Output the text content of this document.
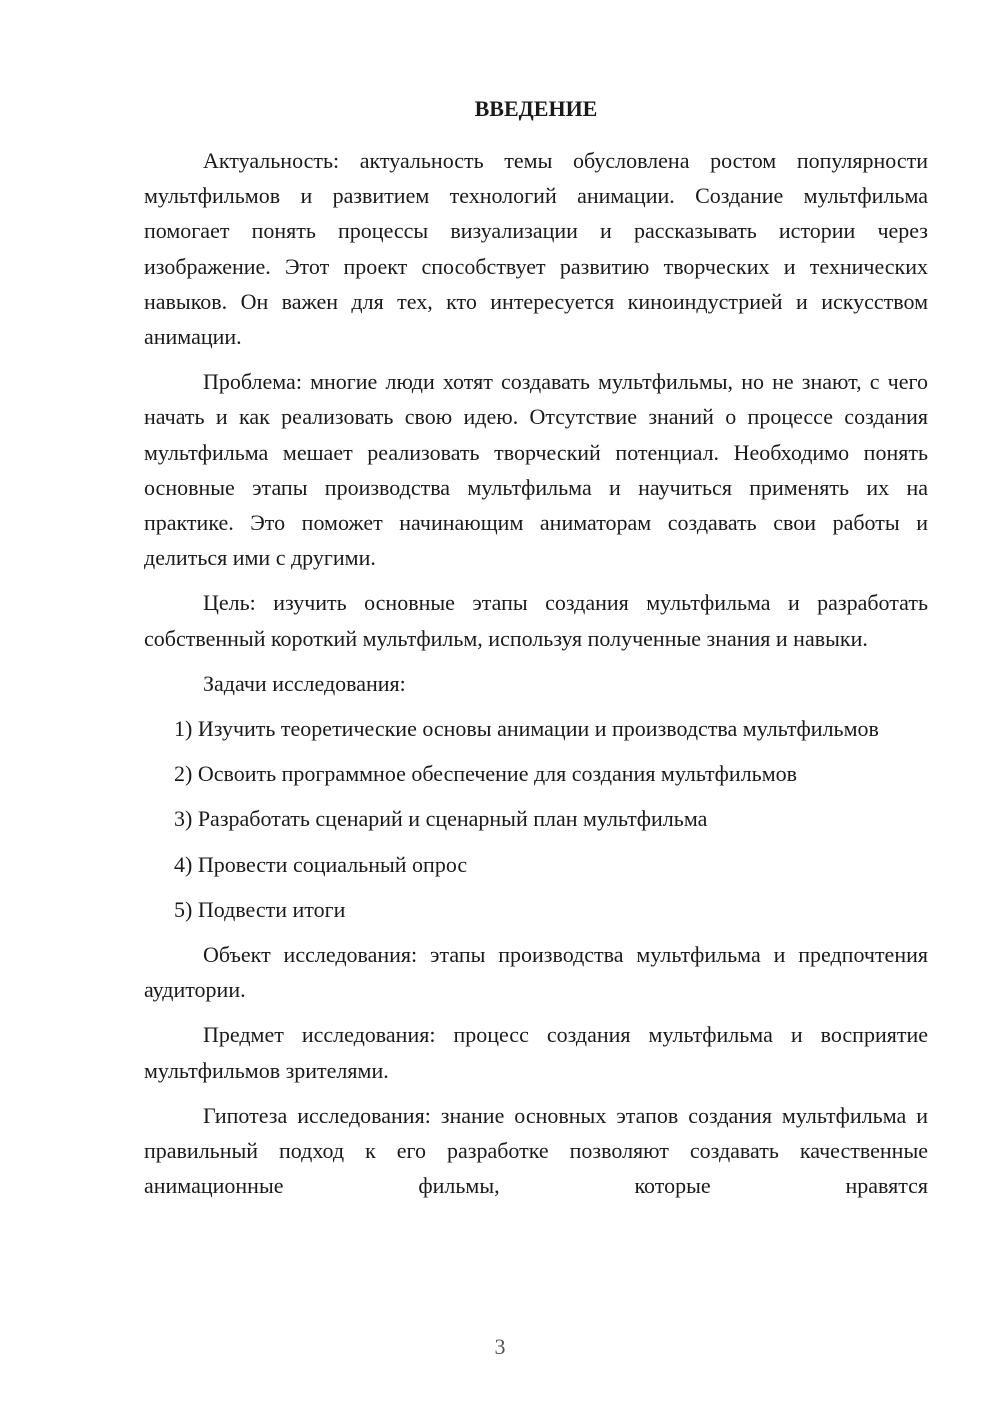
ВВЕДЕНИЕ

Актуальность: актуальность темы обусловлена ростом популярности мультфильмов и развитием технологий анимации. Создание мультфильма помогает понять процессы визуализации и рассказывать истории через изображение. Этот проект способствует развитию творческих и технических навыков. Он важен для тех, кто интересуется киноиндустрией и искусством анимации.

Проблема: многие люди хотят создавать мультфильмы, но не знают, с чего начать и как реализовать свою идею. Отсутствие знаний о процессе создания мультфильма мешает реализовать творческий потенциал. Необходимо понять основные этапы производства мультфильма и научиться применять их на практике. Это поможет начинающим аниматорам создавать свои работы и делиться ими с другими.

Цель: изучить основные этапы создания мультфильма и разработать собственный короткий мультфильм, используя полученные знания и навыки.

Задачи исследования:

1) Изучить теоретические основы анимации и производства мультфильмов

2) Освоить программное обеспечение для создания мультфильмов

3) Разработать сценарий и сценарный план мультфильма

4) Провести социальный опрос

5) Подвести итоги

Объект исследования: этапы производства мультфильма и предпочтения аудитории.

Предмет исследования: процесс создания мультфильма и восприятие мультфильмов зрителями.

Гипотеза исследования: знание основных этапов создания мультфильма и правильный подход к его разработке позволяют создавать качественные анимационные фильмы, которые нравятся

3
